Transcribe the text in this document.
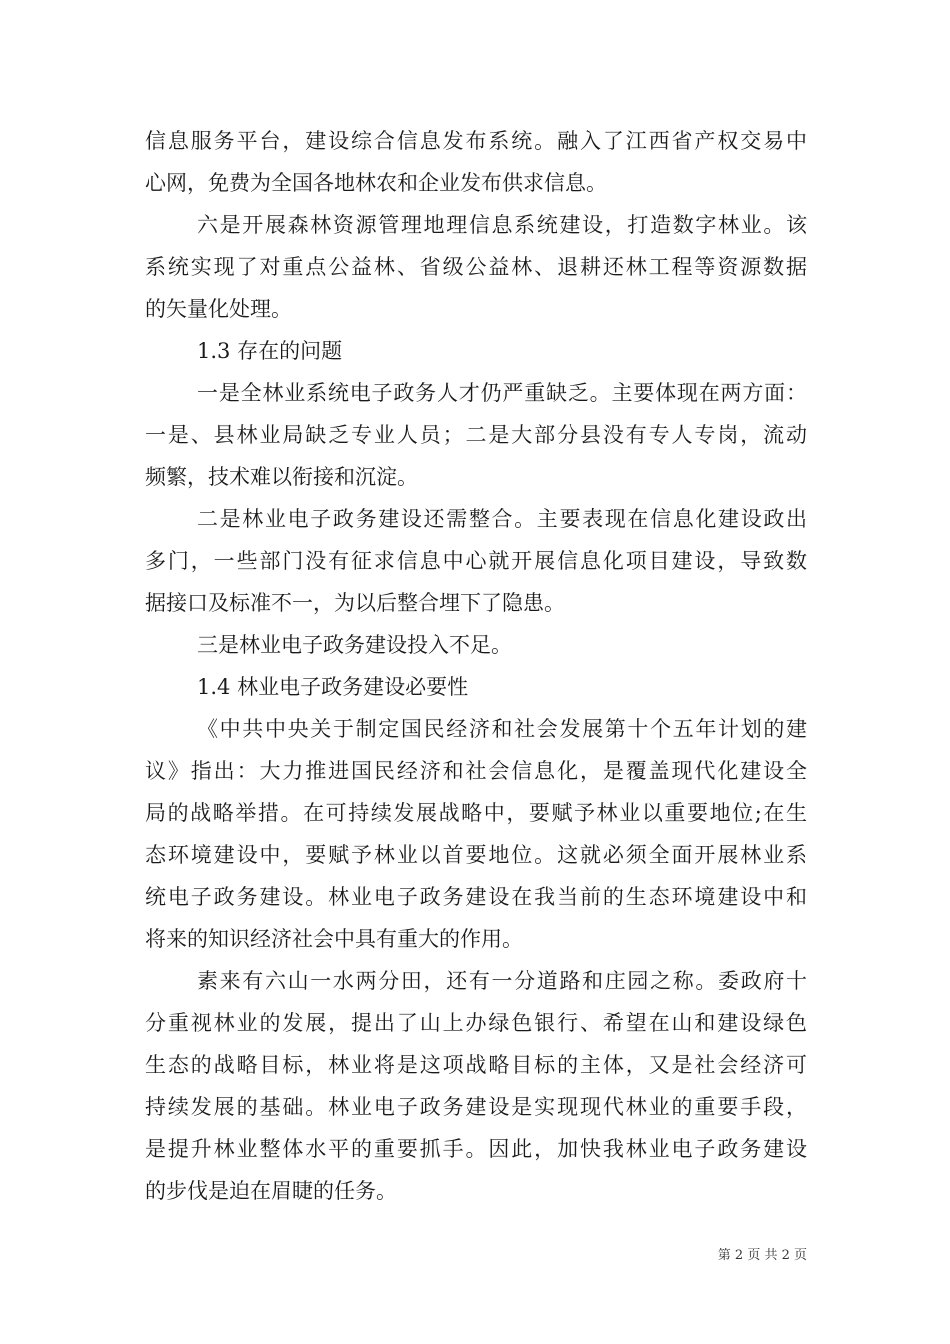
信息服务平台，建设综合信息发布系统。融入了江西省产权交易中
心网，免费为全国各地林农和企业发布供求信息。
六是开展森林资源管理地理信息系统建设，打造数字林业。该
系统实现了对重点公益林、省级公益林、退耕还林工程等资源数据
的矢量化处理。
1.3 存在的问题
一是全林业系统电子政务人才仍严重缺乏。主要体现在两方面：
一是、县林业局缺乏专业人员；二是大部分县没有专人专岗，流动
频繁，技术难以衔接和沉淀。
二是林业电子政务建设还需整合。主要表现在信息化建设政出
多门，一些部门没有征求信息中心就开展信息化项目建设，导致数
据接口及标准不一，为以后整合埋下了隐患。
三是林业电子政务建设投入不足。
1.4 林业电子政务建设必要性
《中共中央关于制定国民经济和社会发展第十个五年计划的建
议》指出：大力推进国民经济和社会信息化，是覆盖现代化建设全
局的战略举措。在可持续发展战略中，要赋予林业以重要地位;在生
态环境建设中，要赋予林业以首要地位。这就必须全面开展林业系
统电子政务建设。林业电子政务建设在我当前的生态环境建设中和
将来的知识经济社会中具有重大的作用。
素来有六山一水两分田，还有一分道路和庄园之称。委政府十
分重视林业的发展，提出了山上办绿色银行、希望在山和建设绿色
生态的战略目标，林业将是这项战略目标的主体，又是社会经济可
持续发展的基础。林业电子政务建设是实现现代林业的重要手段，
是提升林业整体水平的重要抓手。因此，加快我林业电子政务建设
的步伐是迫在眉睫的任务。
第 2 页 共 2 页
